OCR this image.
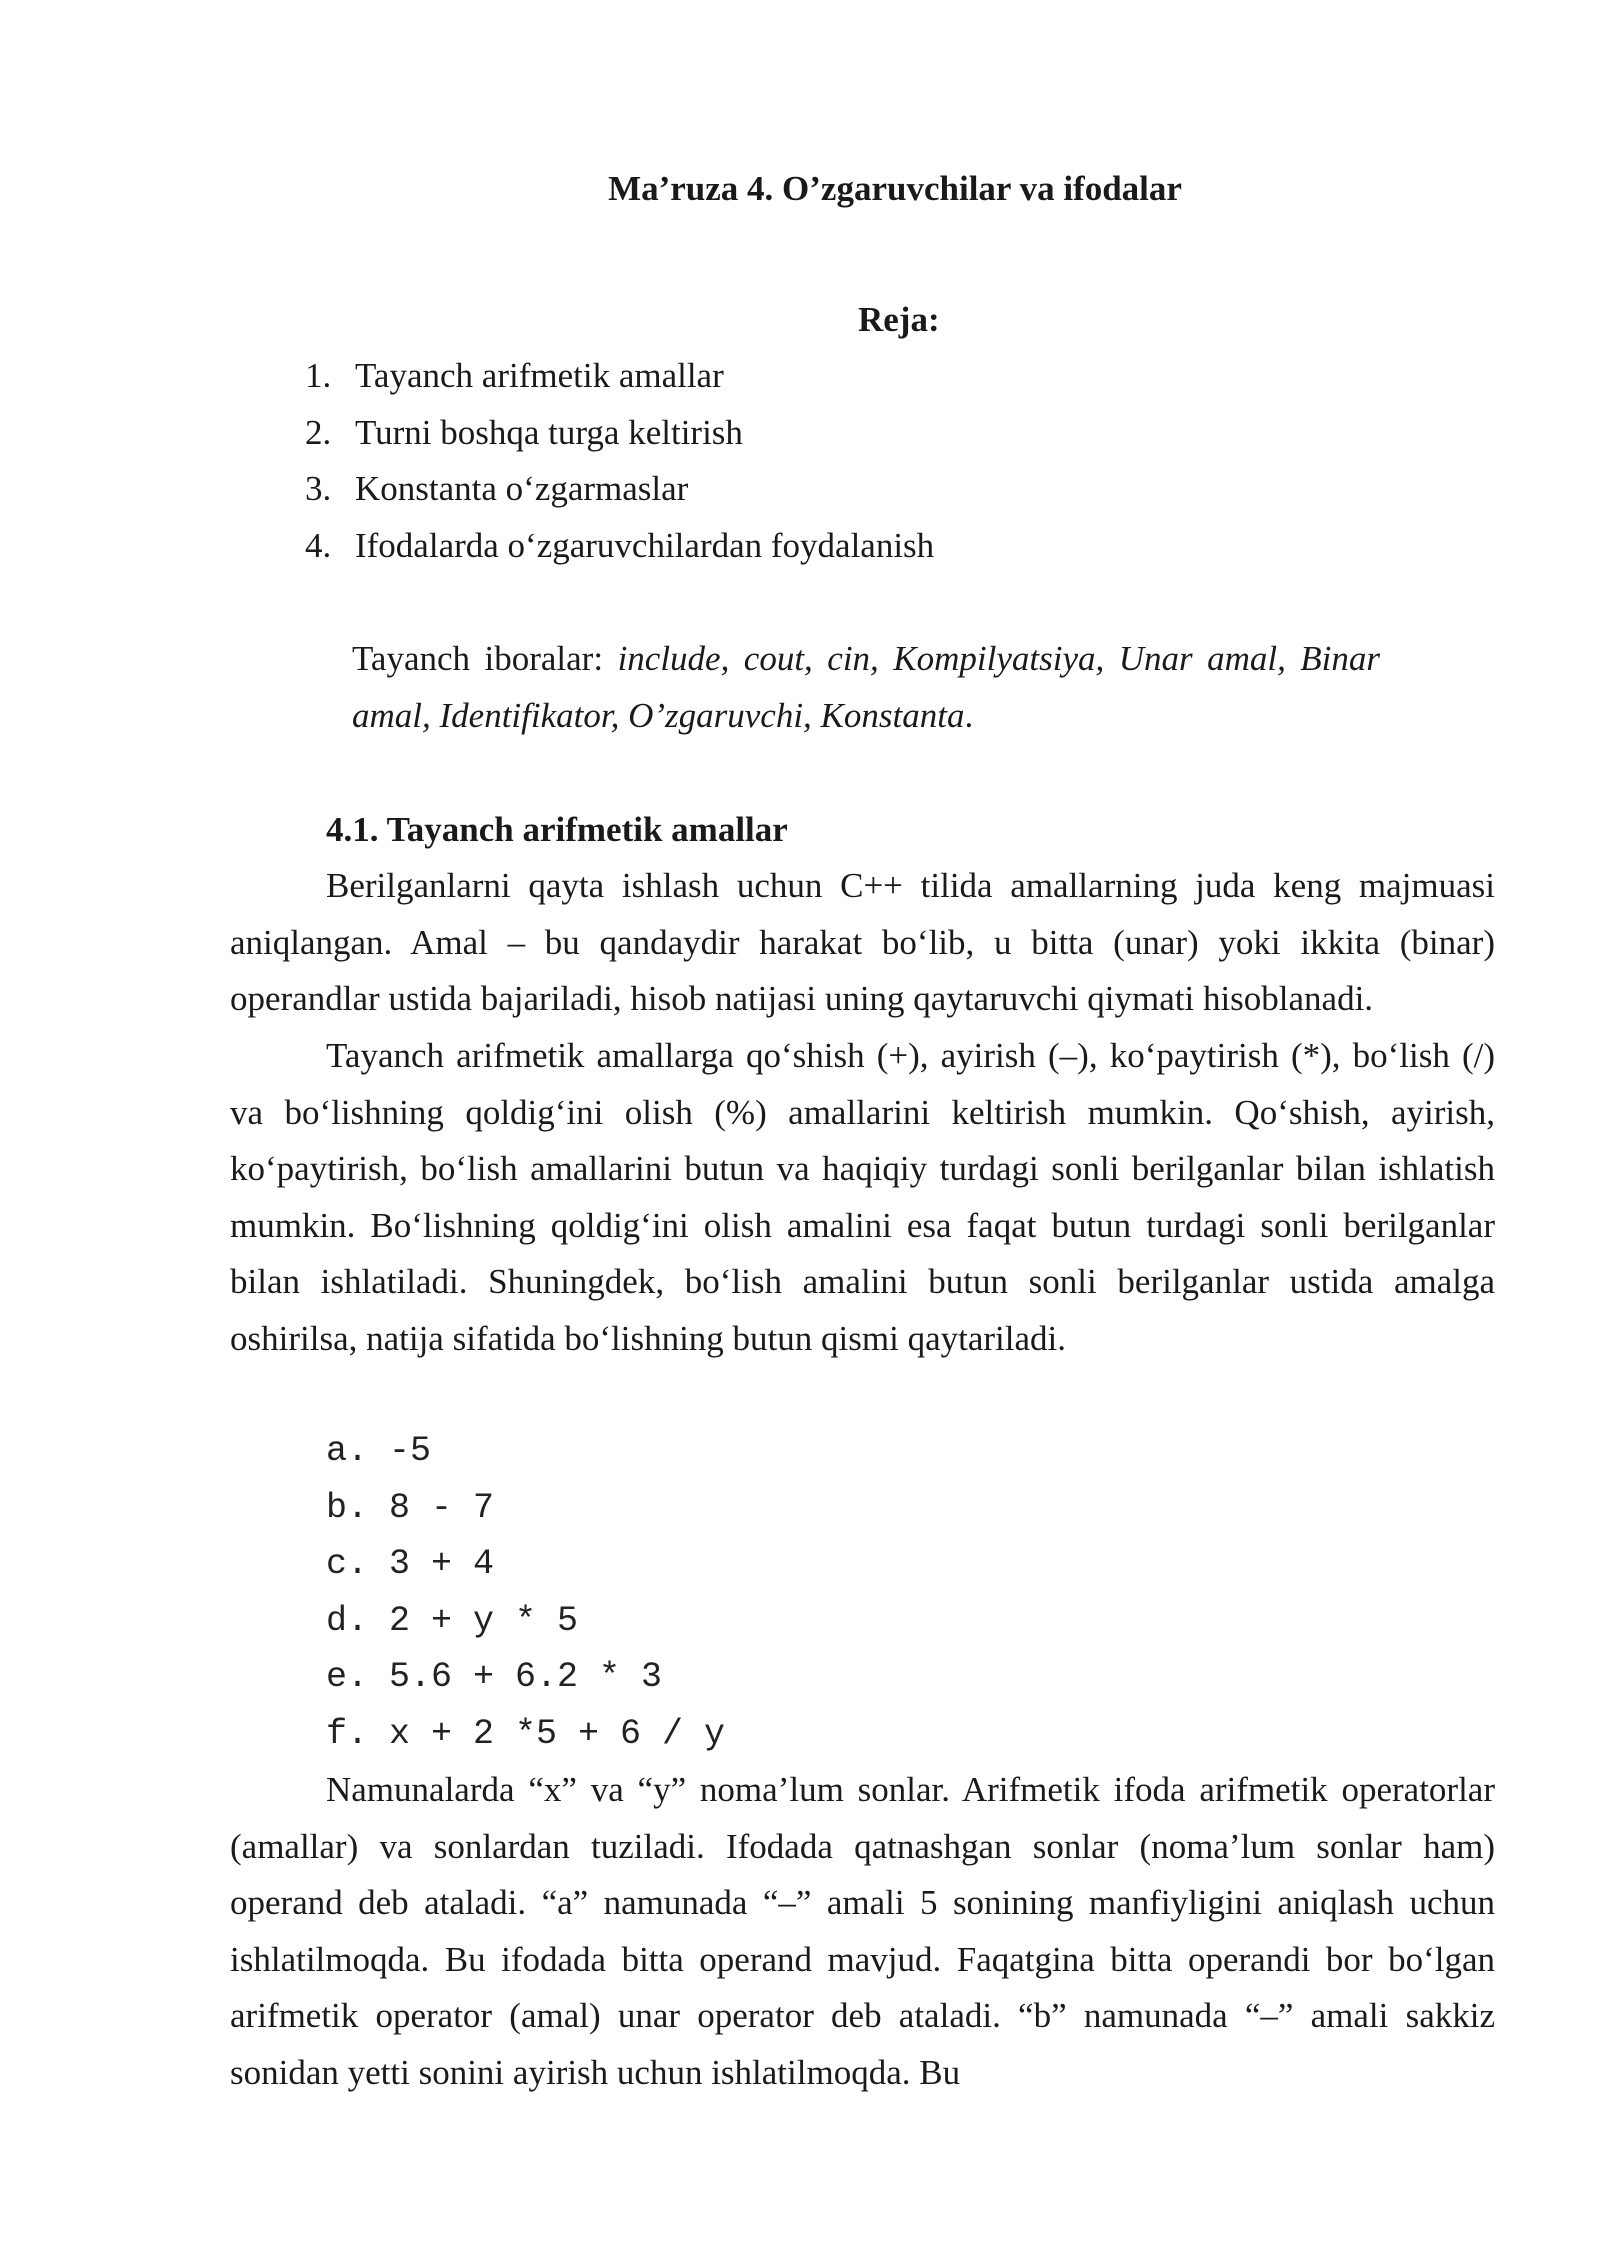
Ma’ruza 4. O’zgaruvchilar va ifodalar
Reja:
1. Tayanch arifmetik amallar
2. Turni boshqa turga keltirish
3. Konstanta o‘zgarmaslar
4. Ifodalarda o‘zgaruvchilardan foydalanish
Tayanch iboralar: include, cout, cin, Kompilyatsiya, Unar amal, Binar amal, Identifikator, O’zgaruvchi, Konstanta.
4.1. Tayanch arifmetik amallar

Berilganlarni qayta ishlash uchun C++ tilida amallarning juda keng majmuasi aniqlangan. Amal – bu qandaydir harakat bo‘lib, u bitta (unar) yoki ikkita (binar) operandlar ustida bajariladi, hisob natijasi uning qaytaruvchi qiymati hisoblanadi.

Tayanch arifmetik amallarga qo‘shish (+), ayirish (–), ko‘paytirish (*), bo‘lish (/) va bo‘lishning qoldig‘ini olish (%) amallarini keltirish mumkin. Qo‘shish, ayirish, ko‘paytirish, bo‘lish amallarini butun va haqiqiy turdagi sonli berilganlar bilan ishlatish mumkin. Bo‘lishning qoldig‘ini olish amalini esa faqat butun turdagi sonli berilganlar bilan ishlatiladi. Shuningdek, bo‘lish amalini butun sonli berilganlar ustida amalga oshirilsa, natija sifatida bo‘lishning butun qismi qaytariladi.

a. -5
b. 8 - 7
c. 3 + 4
d. 2 + y * 5
e. 5.6 + 6.2 * 3
f. x + 2 *5 + 6 / y

Namunalarda “x” va “y” noma’lum sonlar. Arifmetik ifoda arifmetik operatorlar (amallar) va sonlardan tuziladi. Ifodada qatnashgan sonlar (noma’lum sonlar ham) operand deb ataladi. “a” namunada “–” amali 5 sonining manfiyligini aniqlash uchun ishlatilmoqda. Bu ifodada bitta operand mavjud. Faqatgina bitta operandi bor bo‘lgan arifmetik operator (amal) unar operator deb ataladi. “b” namunada “–” amali sakkiz sonidan yetti sonini ayirish uchun ishlatilmoqda. Bu
